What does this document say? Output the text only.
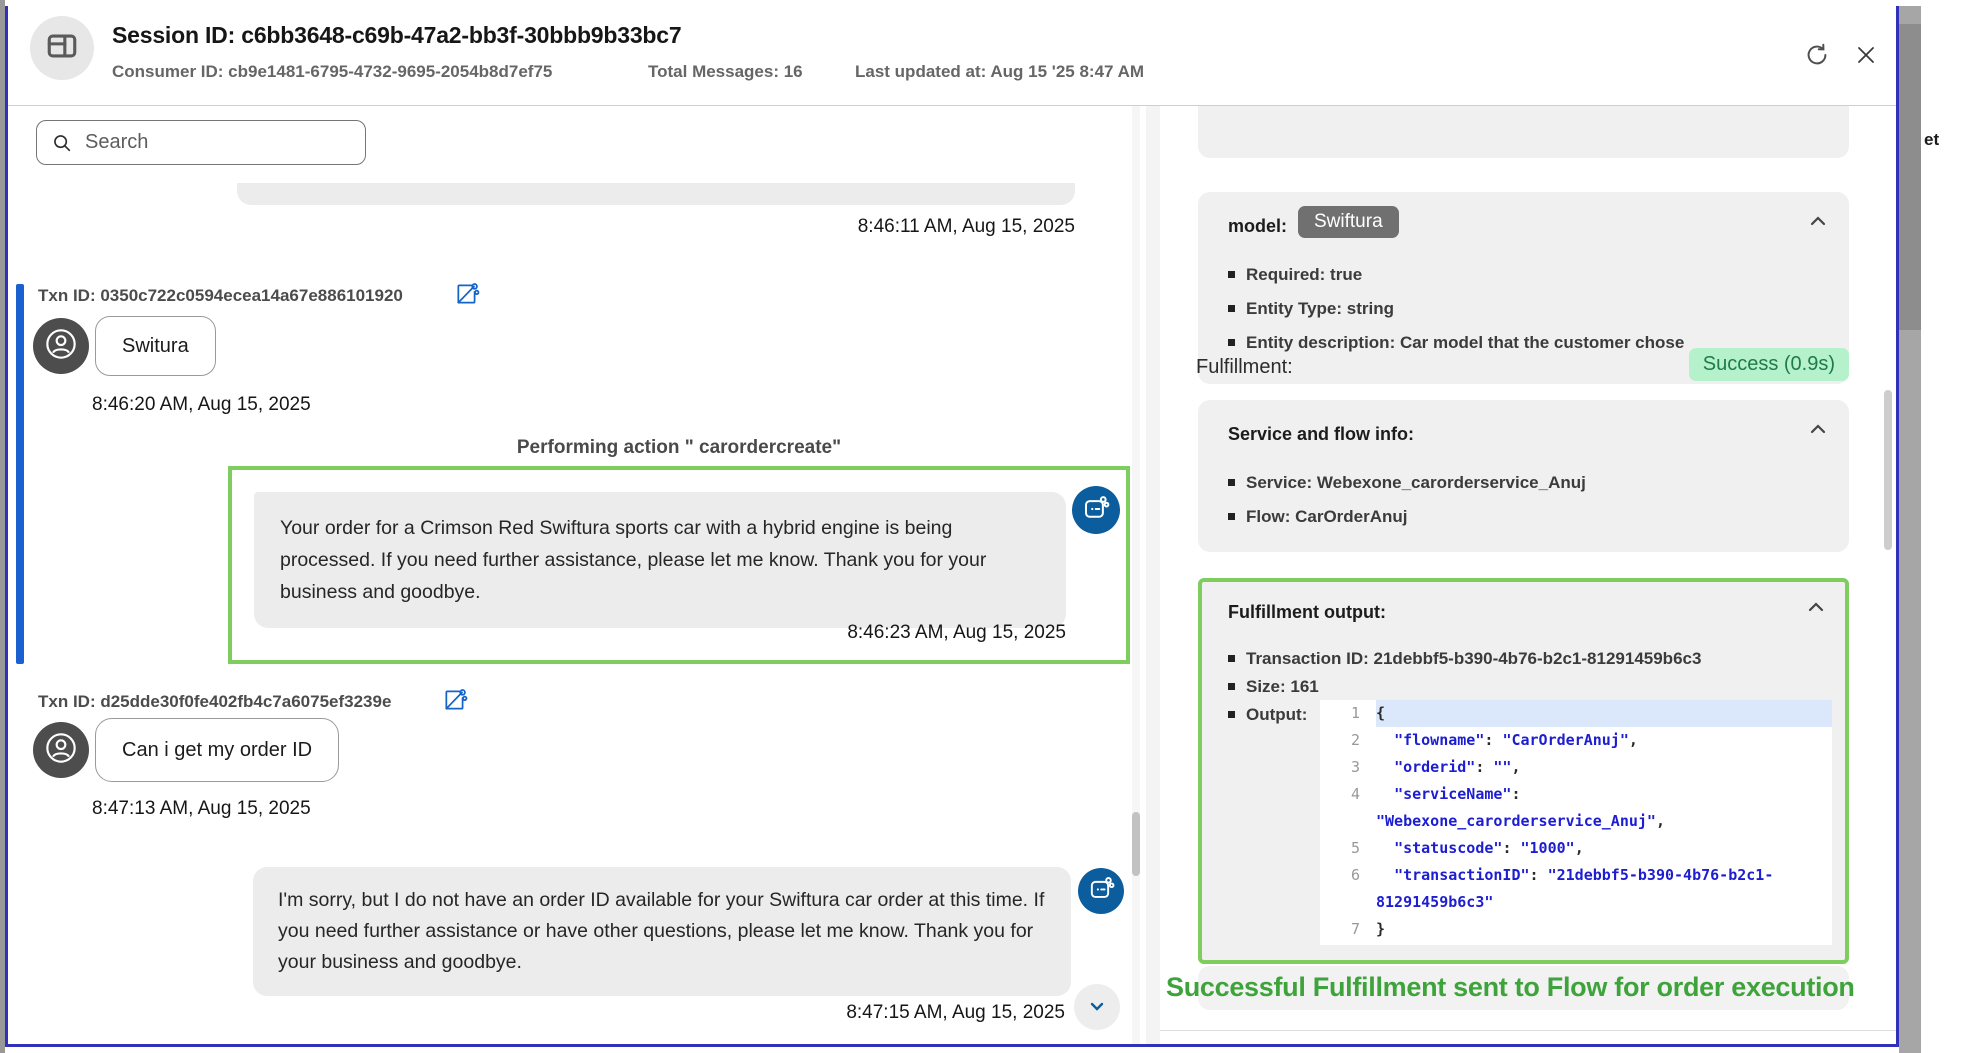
et
Session ID: c6bb3648-c69b-47a2-bb3f-30bbb9b33bc7
Consumer ID: cb9e1481-6795-4732-9695-2054b8d7ef75	Total Messages: 16	Last updated at: Aug 15 '25 8:47 AM
Search
8:46:11 AM, Aug 15, 2025
Txn ID: 0350c722c0594ecea14a67e886101920
Switura
8:46:20 AM, Aug 15, 2025
Performing action " carordercreate"
Your order for a Crimson Red Swiftura sports car with a hybrid engine is being processed. If you need further assistance, please let me know. Thank you for your business and goodbye.
8:46:23 AM, Aug 15, 2025
Txn ID: d25dde30f0fe402fb4c7a6075ef3239e
Can i get my order ID
8:47:13 AM, Aug 15, 2025
I'm sorry, but I do not have an order ID available for your Swiftura car order at this time. If you need further assistance or have other questions, please let me know. Thank you for your business and goodbye.
8:47:15 AM, Aug 15, 2025
model:	Swiftura
Required: true
Entity Type: string
Entity description: Car model that the customer chose
Fulfillment:	Success (0.9s)
Service and flow info:
Service: Webexone_carorderservice_Anuj
Flow: CarOrderAnuj
Fulfillment output:
Transaction ID: 21debbf5-b390-4b76-b2c1-81291459b6c3
Size: 161
Output:	1	{
2	"flowname": "CarOrderAnuj",
3	"orderid": "",
4	"serviceName":
"Webexone_carorderservice_Anuj",
5	"statuscode": "1000",
6	"transactionID": "21debbf5-b390-4b76-b2c1-
81291459b6c3"
7	}
Successful Fulfillment sent to Flow for order execution
